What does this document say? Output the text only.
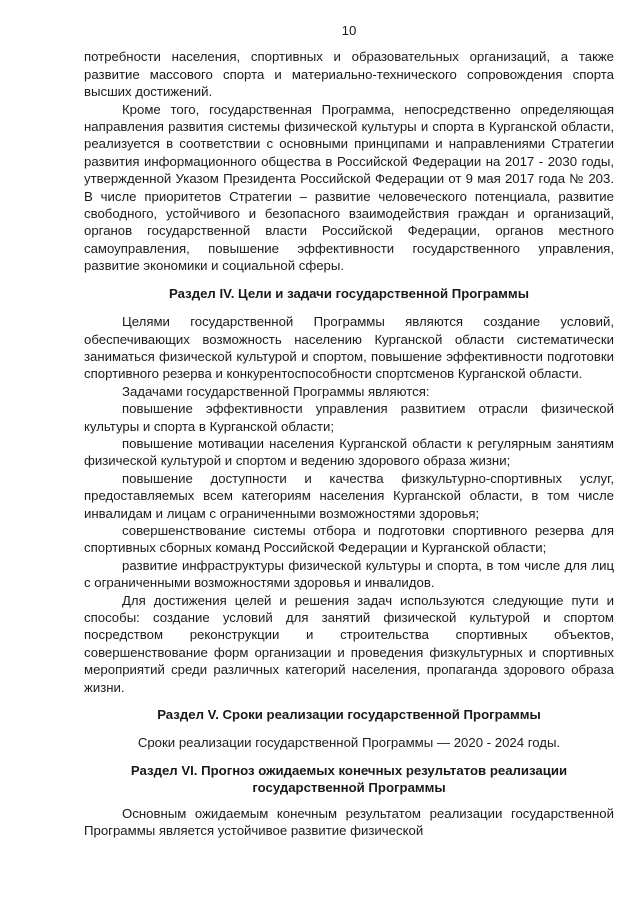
10

потребности населения, спортивных и образовательных организаций, а также развитие массового спорта и материально-технического сопровождения спорта высших достижений.

Кроме того, государственная Программа, непосредственно определяющая направления развития системы физической культуры и спорта в Курганской области, реализуется в соответствии с основными принципами и направлениями Стратегии развития информационного общества в Российской Федерации на 2017 - 2030 годы, утвержденной Указом Президента Российской Федерации от 9 мая 2017 года № 203. В числе приоритетов Стратегии – развитие человеческого потенциала, развитие свободного, устойчивого и безопасного взаимодействия граждан и организаций, органов государственной власти Российской Федерации, органов местного самоуправления, повышение эффективности государственного управления, развитие экономики и социальной сферы.

Раздел IV. Цели и задачи государственной Программы

Целями государственной Программы являются создание условий, обеспечивающих возможность населению Курганской области систематически заниматься физической культурой и спортом, повышение эффективности подготовки спортивного резерва и конкурентоспособности спортсменов Курганской области.

Задачами государственной Программы являются:

повышение эффективности управления развитием отрасли физической культуры и спорта в Курганской области;

повышение мотивации населения Курганской области к регулярным занятиям физической культурой и спортом и ведению здорового образа жизни;

повышение доступности и качества физкультурно-спортивных услуг, предоставляемых всем категориям населения Курганской области, в том числе инвалидам и лицам с ограниченными возможностями здоровья;

совершенствование системы отбора и подготовки спортивного резерва для спортивных сборных команд Российской Федерации и Курганской области;

развитие инфраструктуры физической культуры и спорта, в том числе для лиц с ограниченными возможностями здоровья и инвалидов.

Для достижения целей и решения задач используются следующие пути и способы: создание условий для занятий физической культурой и спортом посредством реконструкции и строительства спортивных объектов, совершенствование форм организации и проведения физкультурных и спортивных мероприятий среди различных категорий населения, пропаганда здорового образа жизни.

Раздел V. Сроки реализации государственной Программы
Сроки реализации государственной Программы — 2020 - 2024 годы.
Раздел VI. Прогноз ожидаемых конечных результатов реализации
государственной Программы

Основным ожидаемым конечным результатом реализации государственной Программы является устойчивое развитие физической
